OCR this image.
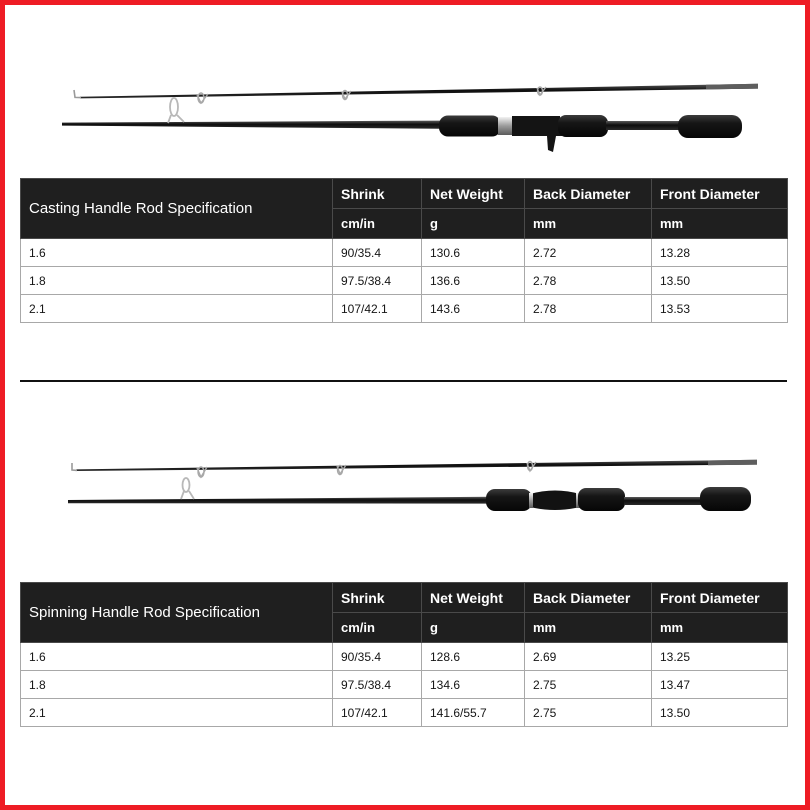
Casting Handle Rod Specification	Shrink	Net Weight	Back Diameter	Front Diameter
	cm/in	g	mm	mm
1.6	90/35.4	130.6	2.72	13.28
1.8	97.5/38.4	136.6	2.78	13.50
2.1	107/42.1	143.6	2.78	13.53
Spinning Handle Rod Specification	Shrink	Net Weight	Back Diameter	Front Diameter
	cm/in	g	mm	mm
1.6	90/35.4	128.6	2.69	13.25
1.8	97.5/38.4	134.6	2.75	13.47
2.1	107/42.1	141.6/55.7	2.75	13.50
